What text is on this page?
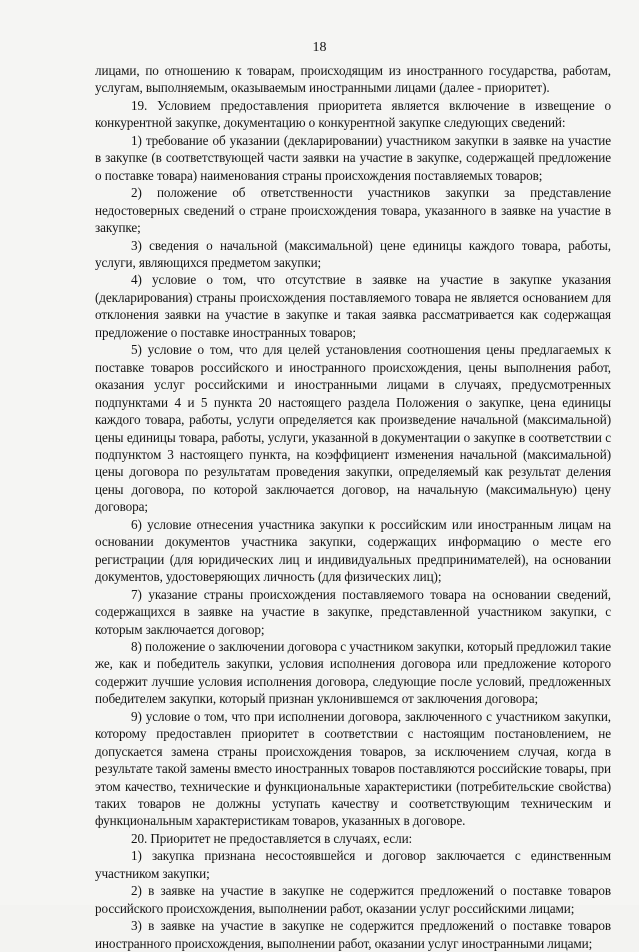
18

лицами, по отношению к товарам, происходящим из иностранного государства, работам, услугам, выполняемым, оказываемым иностранными лицами (далее - приоритет).

19. Условием предоставления приоритета является включение в извещение о конкурентной закупке, документацию о конкурентной закупке следующих сведений:

1) требование об указании (декларировании) участником закупки в заявке на участие в закупке (в соответствующей части заявки на участие в закупке, содержащей предложение о поставке товара) наименования страны происхождения поставляемых товаров;

2) положение об ответственности участников закупки за представление недостоверных сведений о стране происхождения товара, указанного в заявке на участие в закупке;

3) сведения о начальной (максимальной) цене единицы каждого товара, работы, услуги, являющихся предметом закупки;

4) условие о том, что отсутствие в заявке на участие в закупке указания (декларирования) страны происхождения поставляемого товара не является основанием для отклонения заявки на участие в закупке и такая заявка рассматривается как содержащая предложение о поставке иностранных товаров;

5) условие о том, что для целей установления соотношения цены предлагаемых к поставке товаров российского и иностранного происхождения, цены выполнения работ, оказания услуг российскими и иностранными лицами в случаях, предусмотренных подпунктами 4 и 5 пункта 20 настоящего раздела Положения о закупке, цена единицы каждого товара, работы, услуги определяется как произведение начальной (максимальной) цены единицы товара, работы, услуги, указанной в документации о закупке в соответствии с подпунктом 3 настоящего пункта, на коэффициент изменения начальной (максимальной) цены договора по результатам проведения закупки, определяемый как результат деления цены договора, по которой заключается договор, на начальную (максимальную) цену договора;

6) условие отнесения участника закупки к российским или иностранным лицам на основании документов участника закупки, содержащих информацию о месте его регистрации (для юридических лиц и индивидуальных предпринимателей), на основании документов, удостоверяющих личность (для физических лиц);

7) указание страны происхождения поставляемого товара на основании сведений, содержащихся в заявке на участие в закупке, представленной участником закупки, с которым заключается договор;

8) положение о заключении договора с участником закупки, который предложил такие же, как и победитель закупки, условия исполнения договора или предложение которого содержит лучшие условия исполнения договора, следующие после условий, предложенных победителем закупки, который признан уклонившемся от заключения договора;

9) условие о том, что при исполнении договора, заключенного с участником закупки, которому предоставлен приоритет в соответствии с настоящим постановлением, не допускается замена страны происхождения товаров, за исключением случая, когда в результате такой замены вместо иностранных товаров поставляются российские товары, при этом качество, технические и функциональные характеристики (потребительские свойства) таких товаров не должны уступать качеству и соответствующим техническим и функциональным характеристикам товаров, указанных в договоре.

20. Приоритет не предоставляется в случаях, если:

1) закупка признана несостоявшейся и договор заключается с единственным участником закупки;

2) в заявке на участие в закупке не содержится предложений о поставке товаров российского происхождения, выполнении работ, оказании услуг российскими лицами;

3) в заявке на участие в закупке не содержится предложений о поставке товаров иностранного происхождения, выполнении работ, оказании услуг иностранными лицами;
